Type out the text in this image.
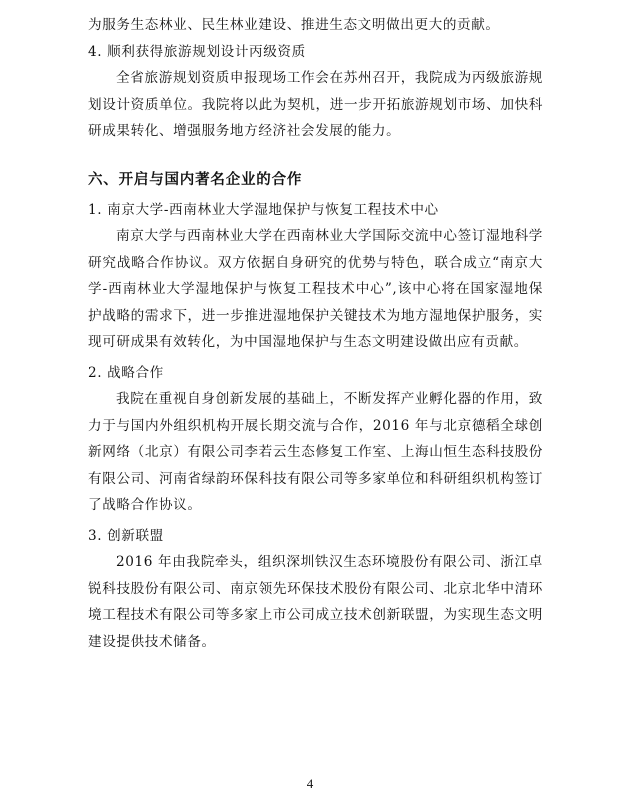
为服务生态林业、民生林业建设、推进生态文明做出更大的贡献。

4. 顺利获得旅游规划设计丙级资质

全省旅游规划资质申报现场工作会在苏州召开，我院成为丙级旅游规划设计资质单位。我院将以此为契机，进一步开拓旅游规划市场、加快科研成果转化、增强服务地方经济社会发展的能力。

六、开启与国内著名企业的合作

1. 南京大学-西南林业大学湿地保护与恢复工程技术中心

南京大学与西南林业大学在西南林业大学国际交流中心签订湿地科学研究战略合作协议。双方依据自身研究的优势与特色，联合成立“南京大学-西南林业大学湿地保护与恢复工程技术中心”,该中心将在国家湿地保护战略的需求下，进一步推进湿地保护关键技术为地方湿地保护服务，实现可研成果有效转化，为中国湿地保护与生态文明建设做出应有贡献。

2. 战略合作

我院在重视自身创新发展的基础上，不断发挥产业孵化器的作用，致力于与国内外组织机构开展长期交流与合作，2016 年与北京德稻全球创新网络（北京）有限公司李若云生态修复工作室、上海山恒生态科技股份有限公司、河南省绿韵环保科技有限公司等多家单位和科研组织机构签订了战略合作协议。

3. 创新联盟

2016 年由我院牵头，组织深圳铁汉生态环境股份有限公司、浙江卓锐科技股份有限公司、南京领先环保技术股份有限公司、北京北华中清环境工程技术有限公司等多家上市公司成立技术创新联盟，为实现生态文明建设提供技术储备。

4
